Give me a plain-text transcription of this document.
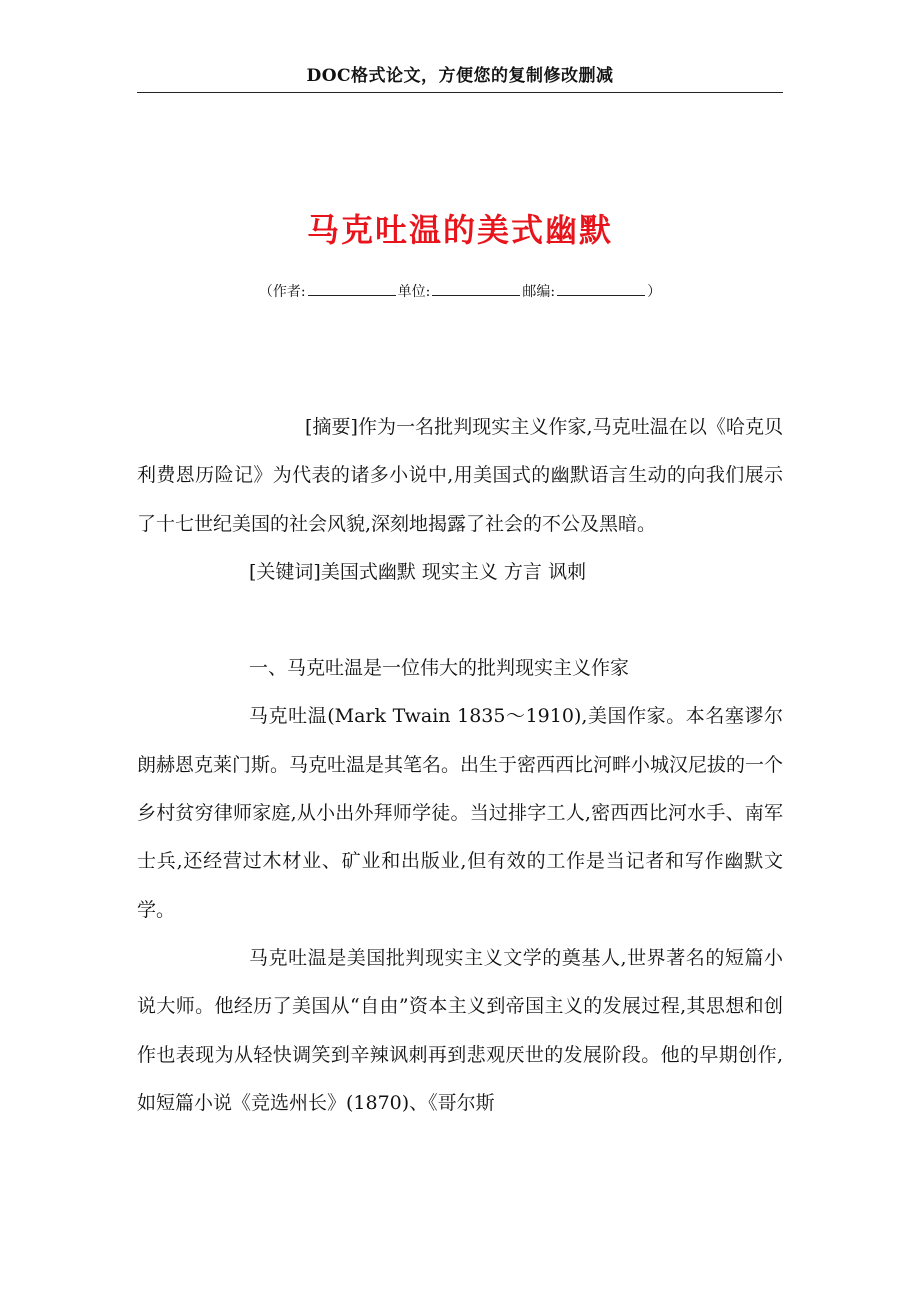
DOC格式论文，方便您的复制修改删减
马克吐温的美式幽默
（作者:	单位:	邮编:	）

[摘要]作为一名批判现实主义作家,马克吐温在以《哈克贝利费恩历险记》为代表的诸多小说中,用美国式的幽默语言生动的向我们展示了十七世纪美国的社会风貌,深刻地揭露了社会的不公及黑暗。

[关键词]美国式幽默 现实主义 方言 讽刺

一、马克吐温是一位伟大的批判现实主义作家

马克吐温(Mark Twain 1835～1910),美国作家。本名塞谬尔朗赫恩克莱门斯。马克吐温是其笔名。出生于密西西比河畔小城汉尼拔的一个乡村贫穷律师家庭,从小出外拜师学徒。当过排字工人,密西西比河水手、南军士兵,还经营过木材业、矿业和出版业,但有效的工作是当记者和写作幽默文学。

马克吐温是美国批判现实主义文学的奠基人,世界著名的短篇小说大师。他经历了美国从“自由”资本主义到帝国主义的发展过程,其思想和创作也表现为从轻快调笑到辛辣讽刺再到悲观厌世的发展阶段。他的早期创作,如短篇小说《竞选州长》(1870)、《哥尔斯
